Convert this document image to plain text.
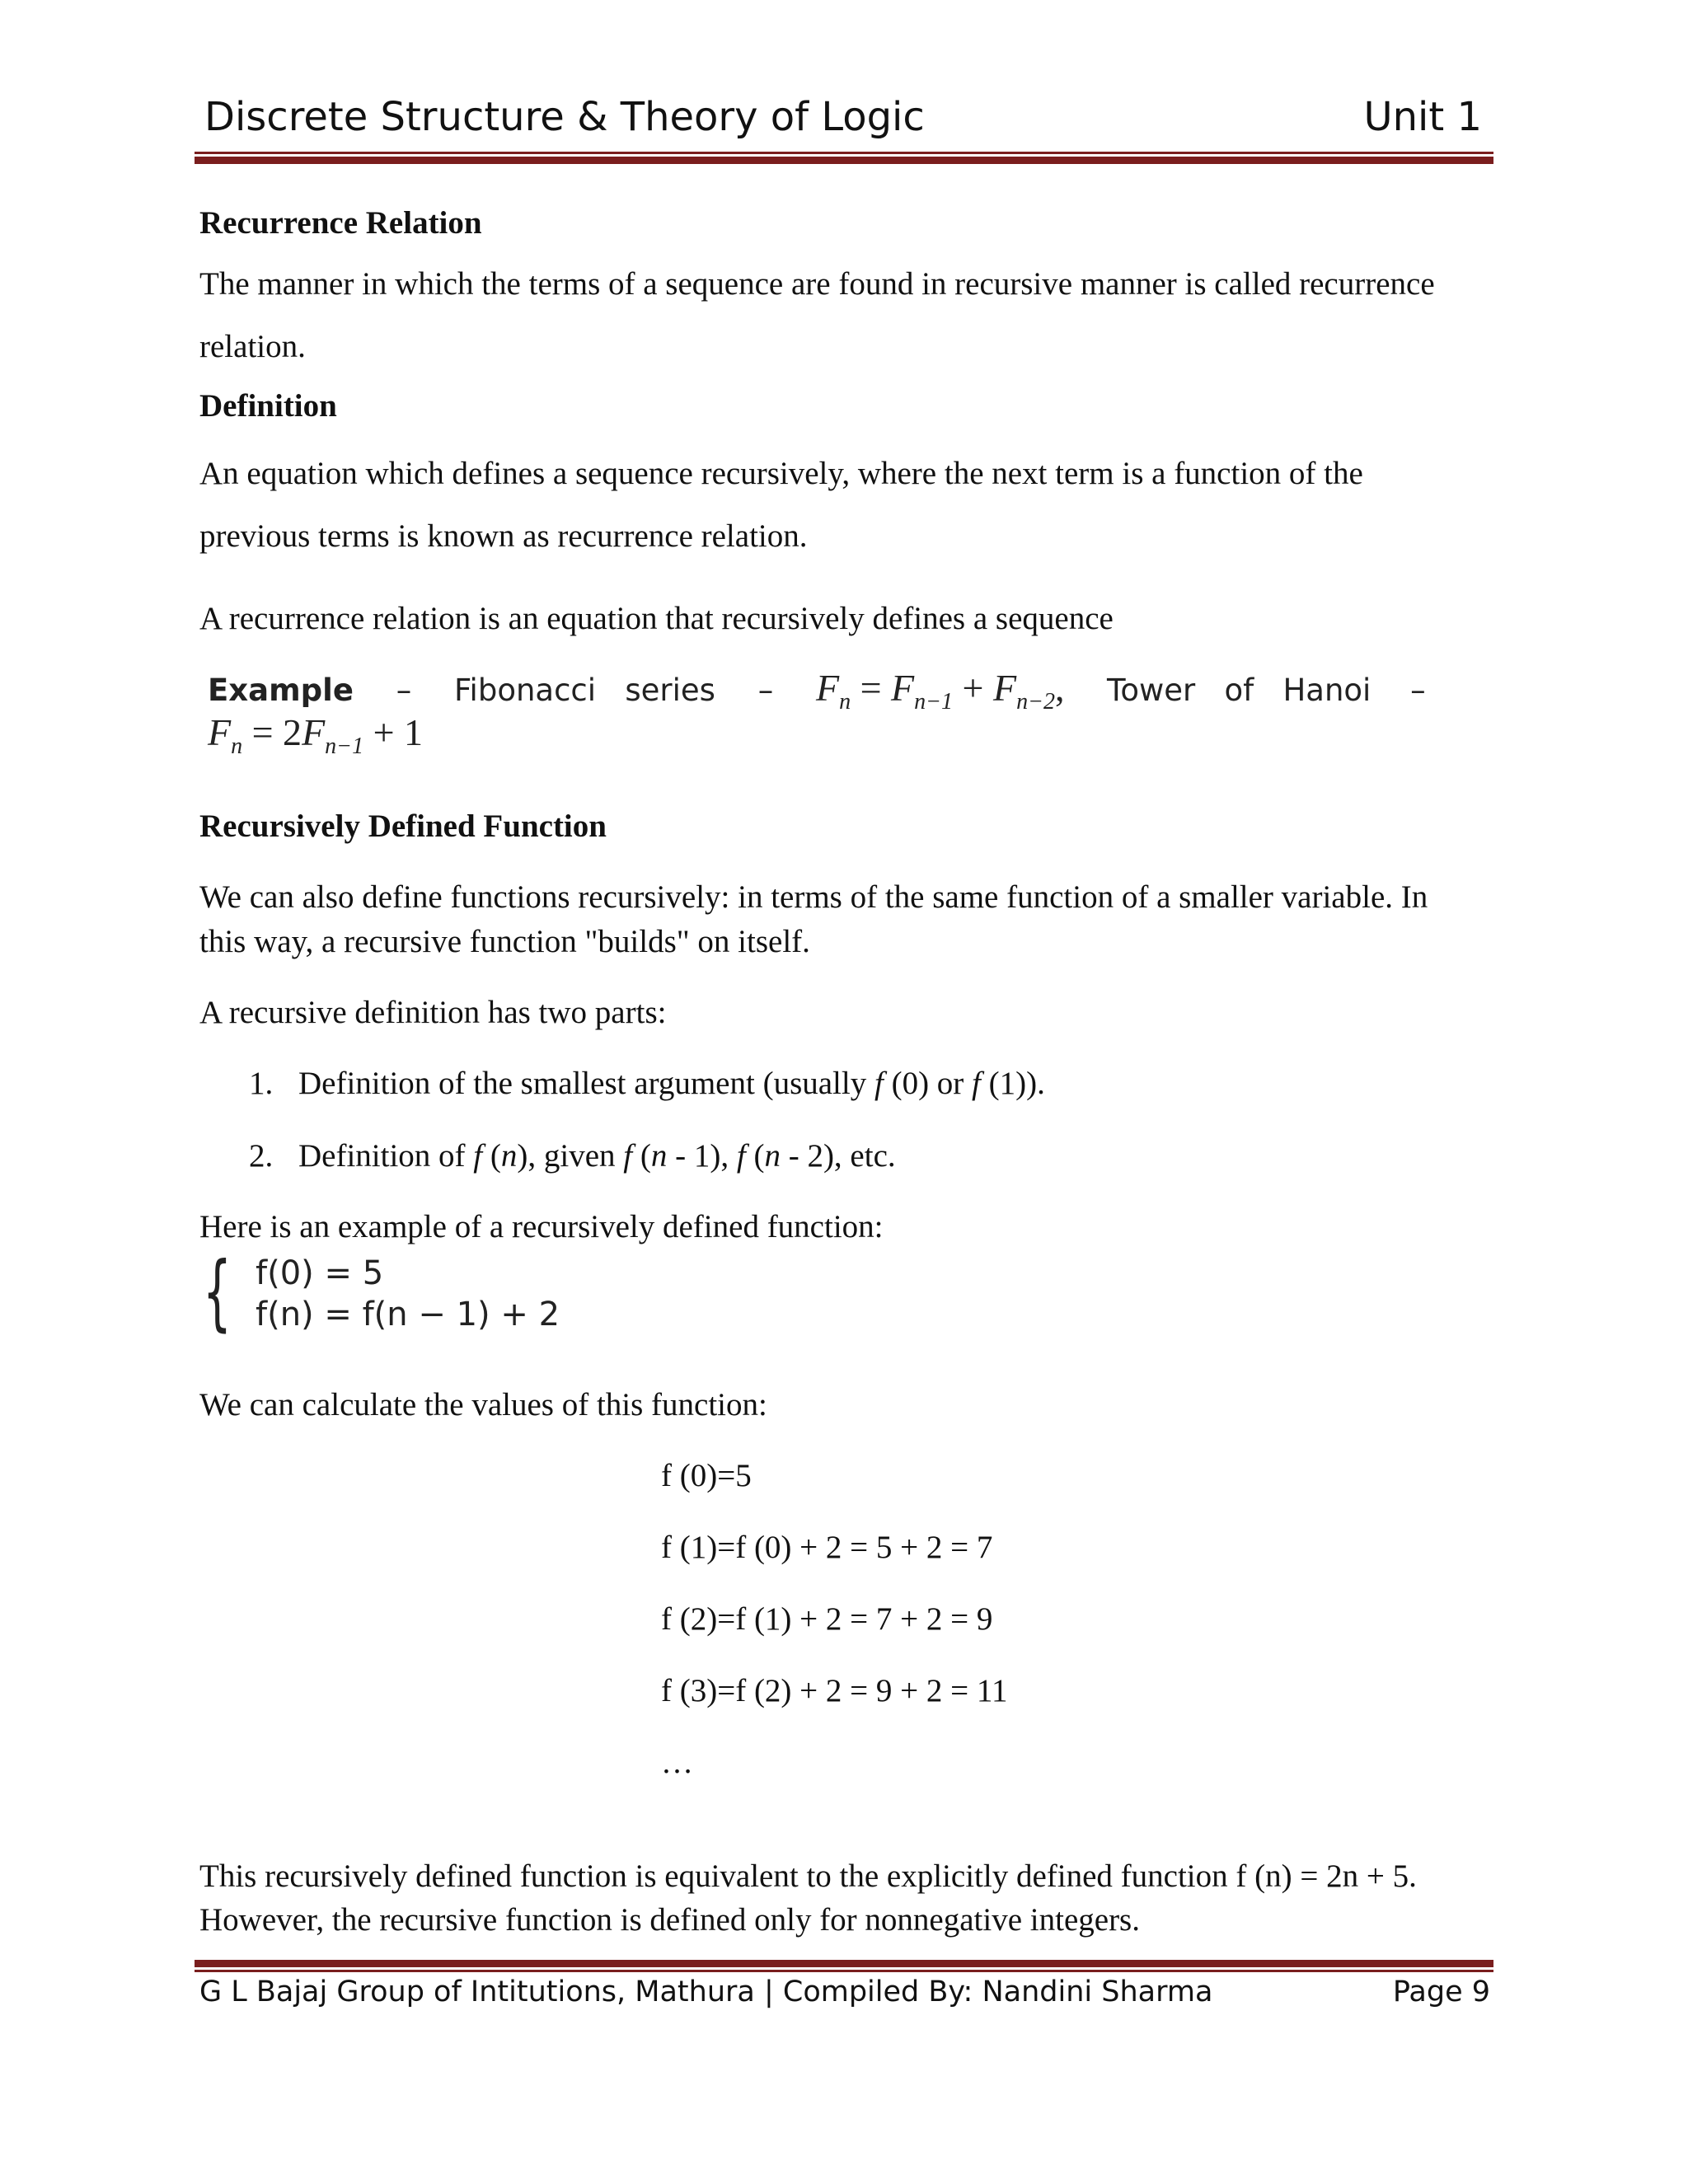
Discrete Structure & Theory of Logic	Unit 1
Recurrence Relation
The manner in which the terms of a sequence are found in recursive manner is called recurrence
relation.
Definition
An equation which defines a sequence recursively, where the next term is a function of the
previous terms is known as recurrence relation.
A recurrence relation is an equation that recursively defines a sequence
Example – Fibonacci   series – $F_n = F_{n-1} + F_{n-2}$, Tower   of   Hanoi –
$F_n = 2F_{n-1} + 1$
Recursively Defined Function
We can also define functions recursively: in terms of the same function of a smaller variable. In
this way, a recursive function "builds" on itself.
A recursive definition has two parts:
1. Definition of the smallest argument (usually f (0) or f (1)).
2. Definition of f (n), given f (n - 1), f (n - 2), etc.
Here is an example of a recursively defined function:
{ f(0) = 5
f(n) = f(n − 1) + 2
We can calculate the values of this function:
f (0)=5
f (1)=f (0) + 2 = 5 + 2 = 7
f (2)=f (1) + 2 = 7 + 2 = 9
f (3)=f (2) + 2 = 9 + 2 = 11
…
This recursively defined function is equivalent to the explicitly defined function f (n) = 2n + 5.
However, the recursive function is defined only for nonnegative integers.
G L Bajaj Group of Intitutions, Mathura | Compiled By: Nandini Sharma	Page 9
